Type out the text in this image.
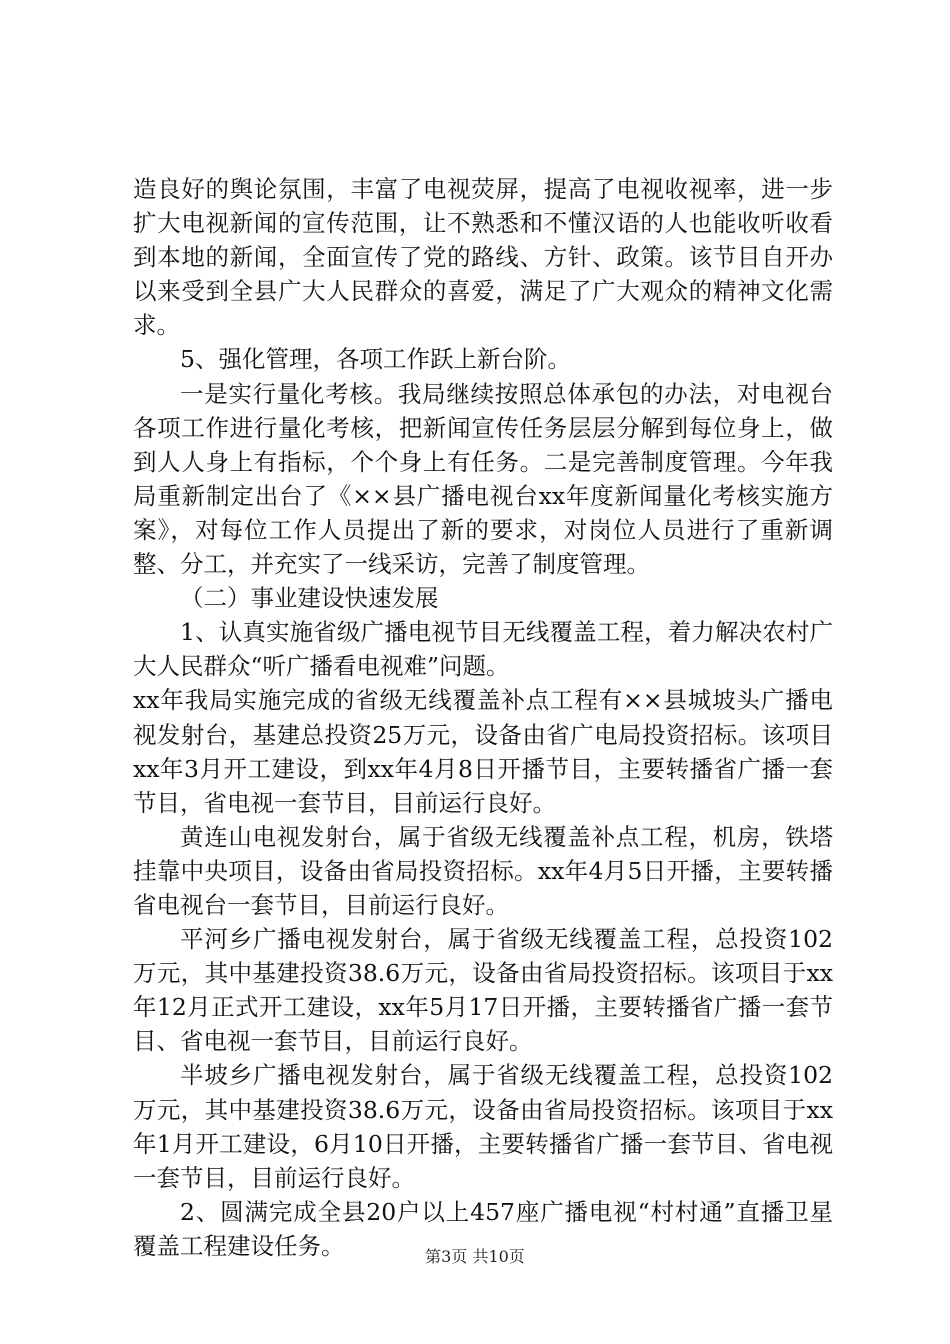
造良好的舆论氛围，丰富了电视荧屏，提高了电视收视率，进一步扩大电视新闻的宣传范围，让不熟悉和不懂汉语的人也能收听收看到本地的新闻，全面宣传了党的路线、方针、政策。该节目自开办以来受到全县广大人民群众的喜爱，满足了广大观众的精神文化需求。

5、强化管理，各项工作跃上新台阶。

一是实行量化考核。我局继续按照总体承包的办法，对电视台各项工作进行量化考核，把新闻宣传任务层层分解到每位身上，做到人人身上有指标，个个身上有任务。二是完善制度管理。今年我局重新制定出台了《××县广播电视台xx年度新闻量化考核实施方案》，对每位工作人员提出了新的要求，对岗位人员进行了重新调整、分工，并充实了一线采访，完善了制度管理。

（二）事业建设快速发展

1、认真实施省级广播电视节目无线覆盖工程，着力解决农村广大人民群众“听广播看电视难”问题。

xx年我局实施完成的省级无线覆盖补点工程有××县城坡头广播电视发射台，基建总投资25万元，设备由省广电局投资招标。该项目xx年3月开工建设，到xx年4月8日开播节目，主要转播省广播一套节目，省电视一套节目，目前运行良好。

黄连山电视发射台，属于省级无线覆盖补点工程，机房，铁塔挂靠中央项目，设备由省局投资招标。xx年4月5日开播，主要转播省电视台一套节目，目前运行良好。

平河乡广播电视发射台，属于省级无线覆盖工程，总投资102万元，其中基建投资38.6万元，设备由省局投资招标。该项目于xx年12月正式开工建设，xx年5月17日开播，主要转播省广播一套节目、省电视一套节目，目前运行良好。

半坡乡广播电视发射台，属于省级无线覆盖工程，总投资102万元，其中基建投资38.6万元，设备由省局投资招标。该项目于xx年1月开工建设，6月10日开播，主要转播省广播一套节目、省电视一套节目，目前运行良好。

2、圆满完成全县20户以上457座广播电视“村村通”直播卫星覆盖工程建设任务。	第3页 共10页
